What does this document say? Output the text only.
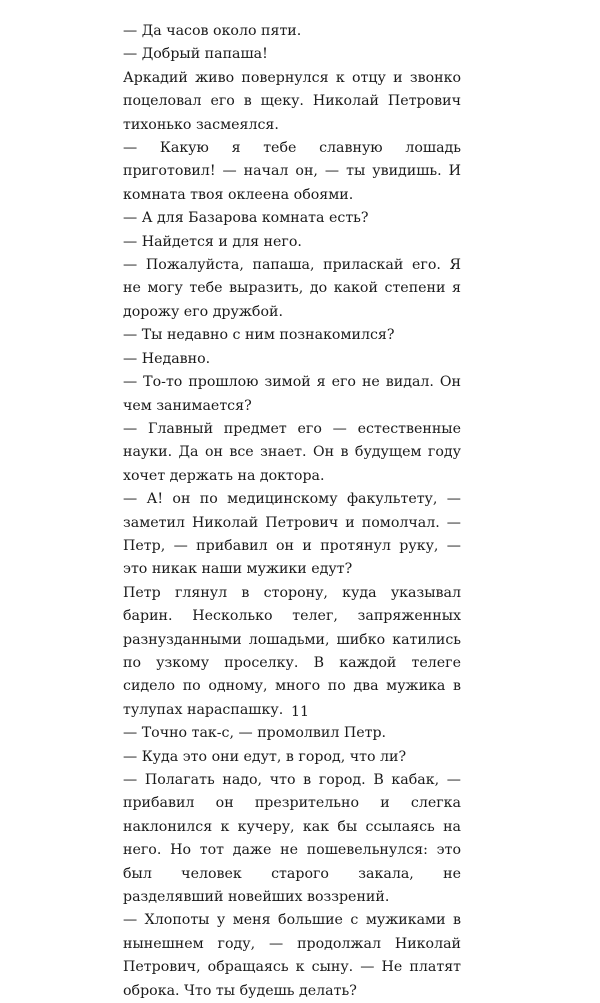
— Да часов около пяти.

— Добрый папаша!

Аркадий живо повернулся к отцу и звонко поцеловал его в щеку. Николай Петрович тихонько засмеялся.

— Какую я тебе славную лошадь приготовил! — начал он, — ты увидишь. И комната твоя оклеена обоями.

— А для Базарова комната есть?

— Найдется и для него.

— Пожалуйста, папаша, приласкай его. Я не могу тебе выразить, до какой степени я дорожу его дружбой.

— Ты недавно с ним познакомился?

— Недавно.

— То-то прошлою зимой я его не видал. Он чем занимается?

— Главный предмет его — естественные науки. Да он все знает. Он в будущем году хочет держать на доктора.

— А! он по медицинскому факультету, — заметил Николай Петрович и помолчал. — Петр, — прибавил он и протянул руку, — это никак наши мужики едут?

Петр глянул в сторону, куда указывал барин. Несколько телег, запряженных разнузданными лошадьми, шибко катились по узкому проселку. В каждой телеге сидело по одному, много по два мужика в тулупах нараспашку.

— Точно так-с, — промолвил Петр.

— Куда это они едут, в город, что ли?

— Полагать надо, что в город. В кабак, — прибавил он презрительно и слегка наклонился к кучеру, как бы ссылаясь на него. Но тот даже не пошевельнулся: это был человек старого закала, не разделявший новейших воззрений.

— Хлопоты у меня большие с мужиками в нынешнем году, — продолжал Николай Петрович, обращаясь к сыну. — Не платят оброка. Что ты будешь делать?

11
